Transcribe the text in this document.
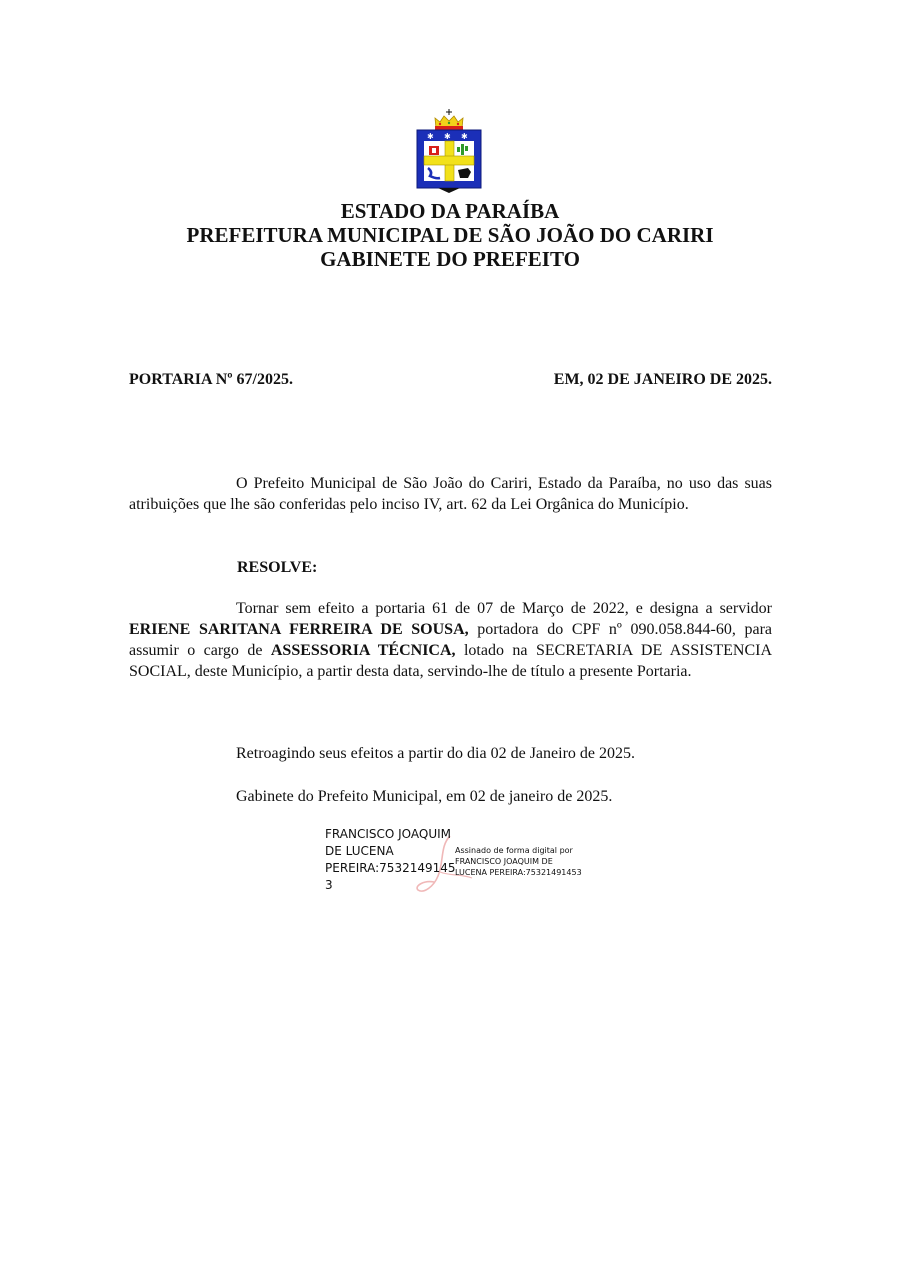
✱ ✱ ✱
ESTADO DA PARAÍBA
PREFEITURA MUNICIPAL DE SÃO JOÃO DO CARIRI
GABINETE DO PREFEITO
PORTARIA Nº 67/2025.	EM, 02 DE JANEIRO DE 2025.
O Prefeito Municipal de São João do Cariri, Estado da Paraíba, no uso das suas atribuições que lhe são conferidas pelo inciso IV, art. 62 da Lei Orgânica do Município.
RESOLVE:
Tornar sem efeito a portaria 61 de 07 de Março de 2022, e designa a servidor ERIENE SARITANA FERREIRA DE SOUSA, portadora do CPF nº 090.058.844-60, para assumir o cargo de ASSESSORIA TÉCNICA, lotado na SECRETARIA DE ASSISTENCIA SOCIAL, deste Município, a partir desta data, servindo-lhe de título a presente Portaria.
Retroagindo seus efeitos a partir do dia 02 de Janeiro de 2025.
Gabinete do Prefeito Municipal, em 02 de janeiro de 2025.
FRANCISCO JOAQUIM
DE LUCENA
PEREIRA:7532149145
3
Assinado de forma digital por
FRANCISCO JOAQUIM DE
LUCENA PEREIRA:75321491453
